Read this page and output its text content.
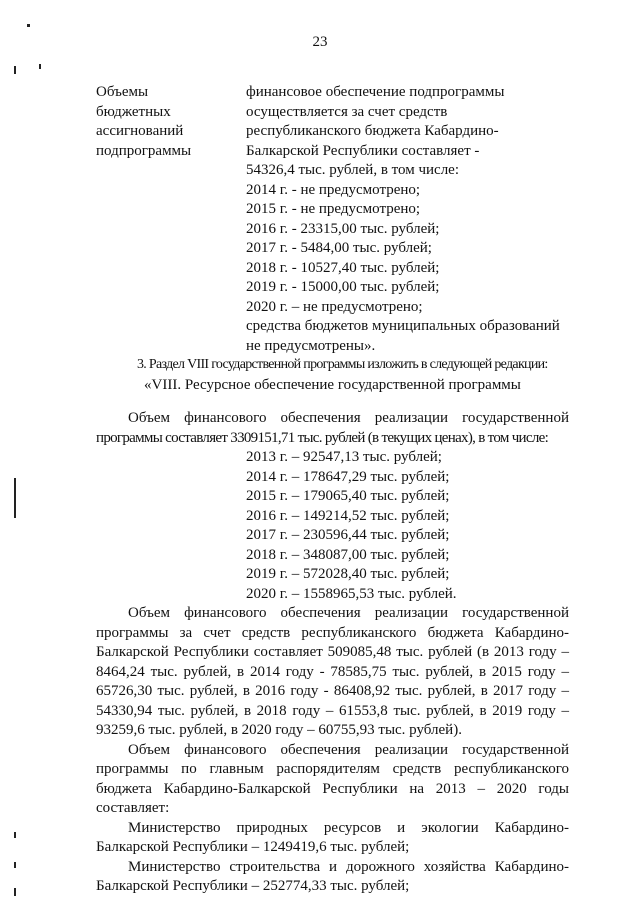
23
Объемы
бюджетных
ассигнований
подпрограммы
финансовое обеспечение подпрограммы
осуществляется за счет средств
республиканского бюджета Кабардино-
Балкарской Республики составляет -
54326,4 тыс. рублей, в том числе:
2014 г. - не предусмотрено;
2015 г. - не предусмотрено;
2016 г. - 23315,00 тыс. рублей;
2017 г. - 5484,00 тыс. рублей;
2018 г. - 10527,40 тыс. рублей;
2019 г. - 15000,00 тыс. рублей;
2020 г. – не предусмотрено;
средства бюджетов муниципальных образований
не предусмотрены».
3. Раздел VIII государственной программы изложить в следующей редакции:
«VIII. Ресурсное обеспечение государственной программы
Объем финансового обеспечения реализации государственной
программы составляет 3309151,71 тыс. рублей (в текущих ценах), в том числе:
2013 г. – 92547,13 тыс. рублей;
2014 г. – 178647,29 тыс. рублей;
2015 г. – 179065,40 тыс. рублей;
2016 г. – 149214,52 тыс. рублей;
2017 г. – 230596,44 тыс. рублей;
2018 г. – 348087,00 тыс. рублей;
2019 г. – 572028,40 тыс. рублей;
2020 г. – 1558965,53 тыс. рублей.
Объем финансового обеспечения реализации государственной
программы за счет средств республиканского бюджета Кабардино-
Балкарской Республики составляет 509085,48 тыс. рублей (в 2013 году –
8464,24 тыс. рублей, в 2014 году - 78585,75 тыс. рублей, в 2015 году –
65726,30 тыс. рублей, в 2016 году - 86408,92 тыс. рублей, в 2017 году –
54330,94 тыс. рублей, в 2018 году – 61553,8 тыс. рублей, в 2019 году –
93259,6 тыс. рублей, в 2020 году – 60755,93 тыс. рублей).
Объем финансового обеспечения реализации государственной
программы по главным распорядителям средств республиканского
бюджета Кабардино-Балкарской Республики на 2013 – 2020 годы
составляет:
Министерство природных ресурсов и экологии Кабардино-
Балкарской Республики – 1249419,6 тыс. рублей;
Министерство строительства и дорожного хозяйства Кабардино-
Балкарской Республики – 252774,33 тыс. рублей;
